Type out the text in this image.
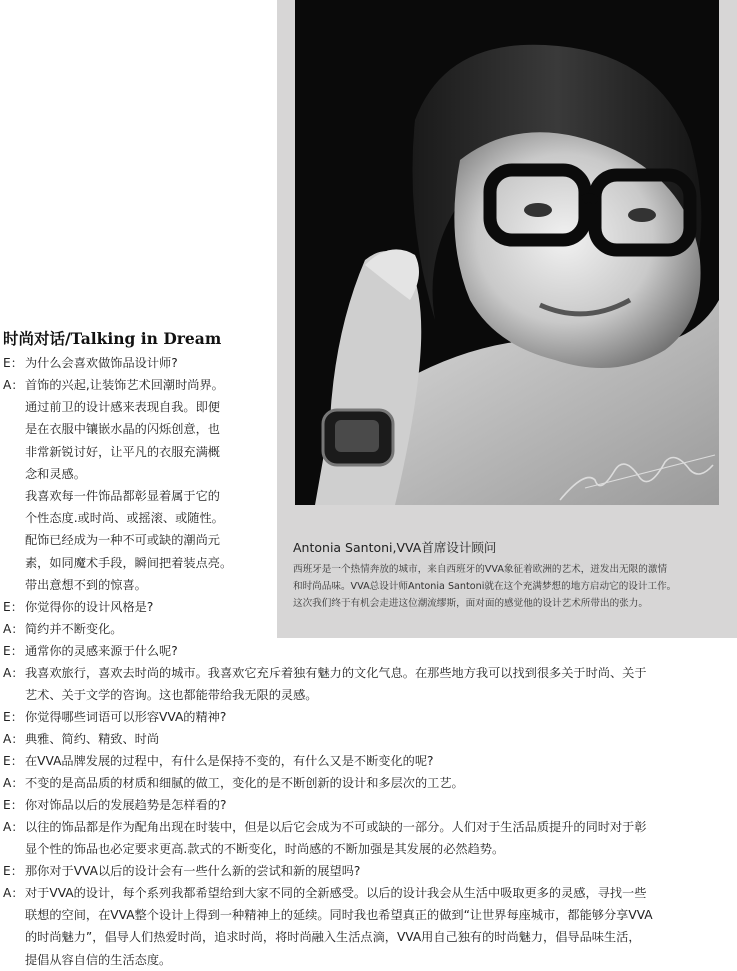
Antonia Santoni,VVA首席设计顾问

西班牙是一个热情奔放的城市，来自西班牙的VVA象征着欧洲的艺术，迸发出无限的激情

和时尚品味。VVA总设计师Antonia Santoni就在这个充满梦想的地方启动它的设计工作。

这次我们终于有机会走进这位潮流缪斯，面对面的感觉他的设计艺术所带出的张力。

时尚对话/Talking in Dream
E： 为什么会喜欢做饰品设计师?

A： 首饰的兴起,让装饰艺术回潮时尚界。

通过前卫的设计感来表现自我。即便

是在衣服中镶嵌水晶的闪烁创意，也

非常新锐讨好，让平凡的衣服充满概

念和灵感。

我喜欢每一件饰品都彰显着属于它的

个性态度.或时尚、或摇滚、或随性。

配饰已经成为一种不可或缺的潮尚元

素，如同魔术手段，瞬间把着装点亮。

带出意想不到的惊喜。

E： 你觉得你的设计风格是?

A： 简约并不断变化。

E： 通常你的灵感来源于什么呢?

A： 我喜欢旅行，喜欢去时尚的城市。我喜欢它充斥着独有魅力的文化气息。在那些地方我可以找到很多关于时尚、关于

艺术、关于文学的咨询。这也都能带给我无限的灵感。

E： 你觉得哪些词语可以形容VVA的精神?

A： 典雅、简约、精致、时尚

E： 在VVA品牌发展的过程中，有什么是保持不变的，有什么又是不断变化的呢?

A： 不变的是高品质的材质和细腻的做工，变化的是不断创新的设计和多层次的工艺。

E： 你对饰品以后的发展趋势是怎样看的?

A： 以往的饰品都是作为配角出现在时装中，但是以后它会成为不可或缺的一部分。人们对于生活品质提升的同时对于彰

显个性的饰品也必定要求更高.款式的不断变化，时尚感的不断加强是其发展的必然趋势。

E： 那你对于VVA以后的设计会有一些什么新的尝试和新的展望吗?

A： 对于VVA的设计，每个系列我都希望给到大家不同的全新感受。以后的设计我会从生活中吸取更多的灵感，寻找一些

联想的空间，在VVA整个设计上得到一种精神上的延续。同时我也希望真正的做到“让世界每座城市，都能够分享VVA

的时尚魅力”，倡导人们热爱时尚，追求时尚，将时尚融入生活点滴，VVA用自己独有的时尚魅力，倡导品味生活，

提倡从容自信的生活态度。
